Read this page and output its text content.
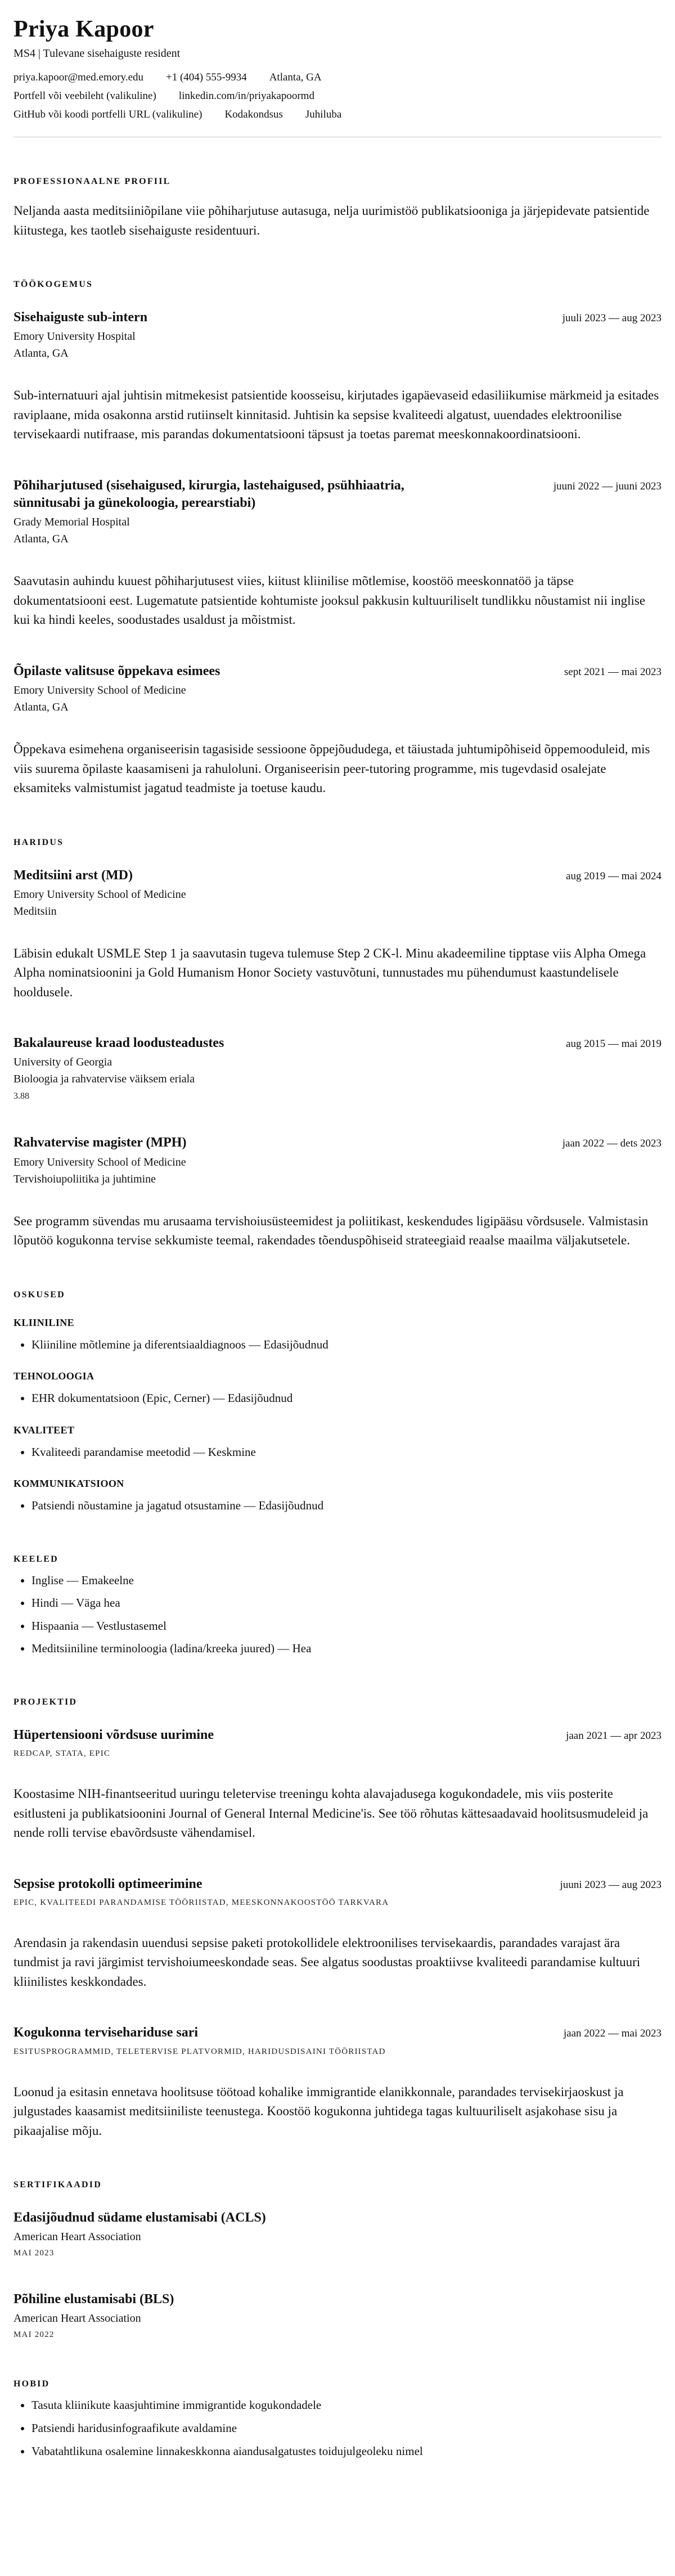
Priya Kapoor
MS4 | Tulevane sisehaiguste resident
priya.kapoor@med.emory.edu +1 (404) 555-9934 Atlanta, GA
Portfell või veebileht (valikuline) linkedin.com/in/priyakapoormd
GitHub või koodi portfelli URL (valikuline) Kodakondsus Juhiluba
PROFESSIONAALNE PROFIIL

Neljanda aasta meditsiiniõpilane viie põhiharjutuse autasuga, nelja uurimistöö publikatsiooniga ja järjepidevate patsientide kiitustega, kes taotleb sisehaiguste residentuuri.

TÖÖKOGEMUS
Sisehaiguste sub-intern	juuli 2023 — aug 2023
Emory University Hospital
Atlanta, GA

Sub-internatuuri ajal juhtisin mitmekesist patsientide koosseisu, kirjutades igapäevaseid edasiliikumise märkmeid ja esitades raviplaane, mida osakonna arstid rutiinselt kinnitasid. Juhtisin ka sepsise kvaliteedi algatust, uuendades elektroonilise tervisekaardi nutifraase, mis parandas dokumentatsiooni täpsust ja toetas paremat meeskonnakoordinatsiooni.

Põhiharjutused (sisehaigused, kirurgia, lastehaigused, psühhiaatria, sünnitusabi ja günekoloogia, perearstiabi)
juuni 2022 — juuni 2023
Grady Memorial Hospital
Atlanta, GA

Saavutasin auhindu kuuest põhiharjutusest viies, kiitust kliinilise mõtlemise, koostöö meeskonnatöö ja täpse dokumentatsiooni eest. Lugematute patsientide kohtumiste jooksul pakkusin kultuuriliselt tundlikku nõustamist nii inglise kui ka hindi keeles, soodustades usaldust ja mõistmist.

Õpilaste valitsuse õppekava esimees	sept 2021 — mai 2023
Emory University School of Medicine
Atlanta, GA

Õppekava esimehena organiseerisin tagasiside sessioone õppejõududega, et täiustada juhtumipõhiseid õppemooduleid, mis viis suurema õpilaste kaasamiseni ja rahuloluni. Organiseerisin peer-tutoring programme, mis tugevdasid osalejate eksamiteks valmistumist jagatud teadmiste ja toetuse kaudu.

HARIDUS
Meditsiini arst (MD)	aug 2019 — mai 2024
Emory University School of Medicine
Meditsiin

Läbisin edukalt USMLE Step 1 ja saavutasin tugeva tulemuse Step 2 CK-l. Minu akadeemiline tipptase viis Alpha Omega Alpha nominatsioonini ja Gold Humanism Honor Society vastuvõtuni, tunnustades mu pühendumust kaastundelisele hooldusele.

Bakalaureuse kraad loodusteadustes	aug 2015 — mai 2019
University of Georgia
Bioloogia ja rahvatervise väiksem eriala
3.88
Rahvatervise magister (MPH)	jaan 2022 — dets 2023
Emory University School of Medicine
Tervishoiupoliitika ja juhtimine

See programm süvendas mu arusaama tervishoiusüsteemidest ja poliitikast, keskendudes ligipääsu võrdsusele. Valmistasin lõputöö kogukonna tervise sekkumiste teemal, rakendades tõenduspõhiseid strateegiaid reaalse maailma väljakutsetele.

OSKUSED
KLIINILINE
• Kliiniline mõtlemine ja diferentsiaaldiagnoos — Edasijõudnud
TEHNOLOOGIA
• EHR dokumentatsioon (Epic, Cerner) — Edasijõudnud
KVALITEET
• Kvaliteedi parandamise meetodid — Keskmine
KOMMUNIKATSIOON
• Patsiendi nõustamine ja jagatud otsustamine — Edasijõudnud
KEELED
• Inglise — Emakeelne
• Hindi — Väga hea
• Hispaania — Vestlustasemel
• Meditsiiniline terminoloogia (ladina/kreeka juured) — Hea
PROJEKTID
Hüpertensiooni võrdsuse uurimine	jaan 2021 — apr 2023
REDCAP, STATA, EPIC

Koostasime NIH-finantseeritud uuringu teletervise treeningu kohta alavajadusega kogukondadele, mis viis posterite esitlusteni ja publikatsioonini Journal of General Internal Medicine'is. See töö rõhutas kättesaadavaid hoolitsusmudeleid ja nende rolli tervise ebavõrdsuste vähendamisel.

Sepsise protokolli optimeerimine	juuni 2023 — aug 2023
EPIC, KVALITEEDI PARANDAMISE TÖÖRIISTAD, MEESKONNAKOOSTÖÖ TARKVARA

Arendasin ja rakendasin uuendusi sepsise paketi protokollidele elektroonilises tervisekaardis, parandades varajast ära tundmist ja ravi järgimist tervishoiumeeskondade seas. See algatus soodustas proaktiivse kvaliteedi parandamise kultuuri kliinilistes keskkondades.

Kogukonna tervisehariduse sari	jaan 2022 — mai 2023
ESITUSPROGRAMMID, TELETERVISE PLATVORMID, HARIDUSDISAINI TÖÖRIISTAD

Loonud ja esitasin ennetava hoolitsuse töötoad kohalike immigrantide elanikkonnale, parandades tervisekirjaoskust ja julgustades kaasamist meditsiiniliste teenustega. Koostöö kogukonna juhtidega tagas kultuuriliselt asjakohase sisu ja pikaajalise mõju.

SERTIFIKAADID
Edasijõudnud südame elustamisabi (ACLS)
American Heart Association
MAI 2023
Põhiline elustamisabi (BLS)
American Heart Association
MAI 2022
HOBID
• Tasuta kliinikute kaasjuhtimine immigrantide kogukondadele
• Patsiendi haridusinfograafikute avaldamine
• Vabatahtlikuna osalemine linnakeskkonna aiandusalgatustes toidujulgeoleku nimel
